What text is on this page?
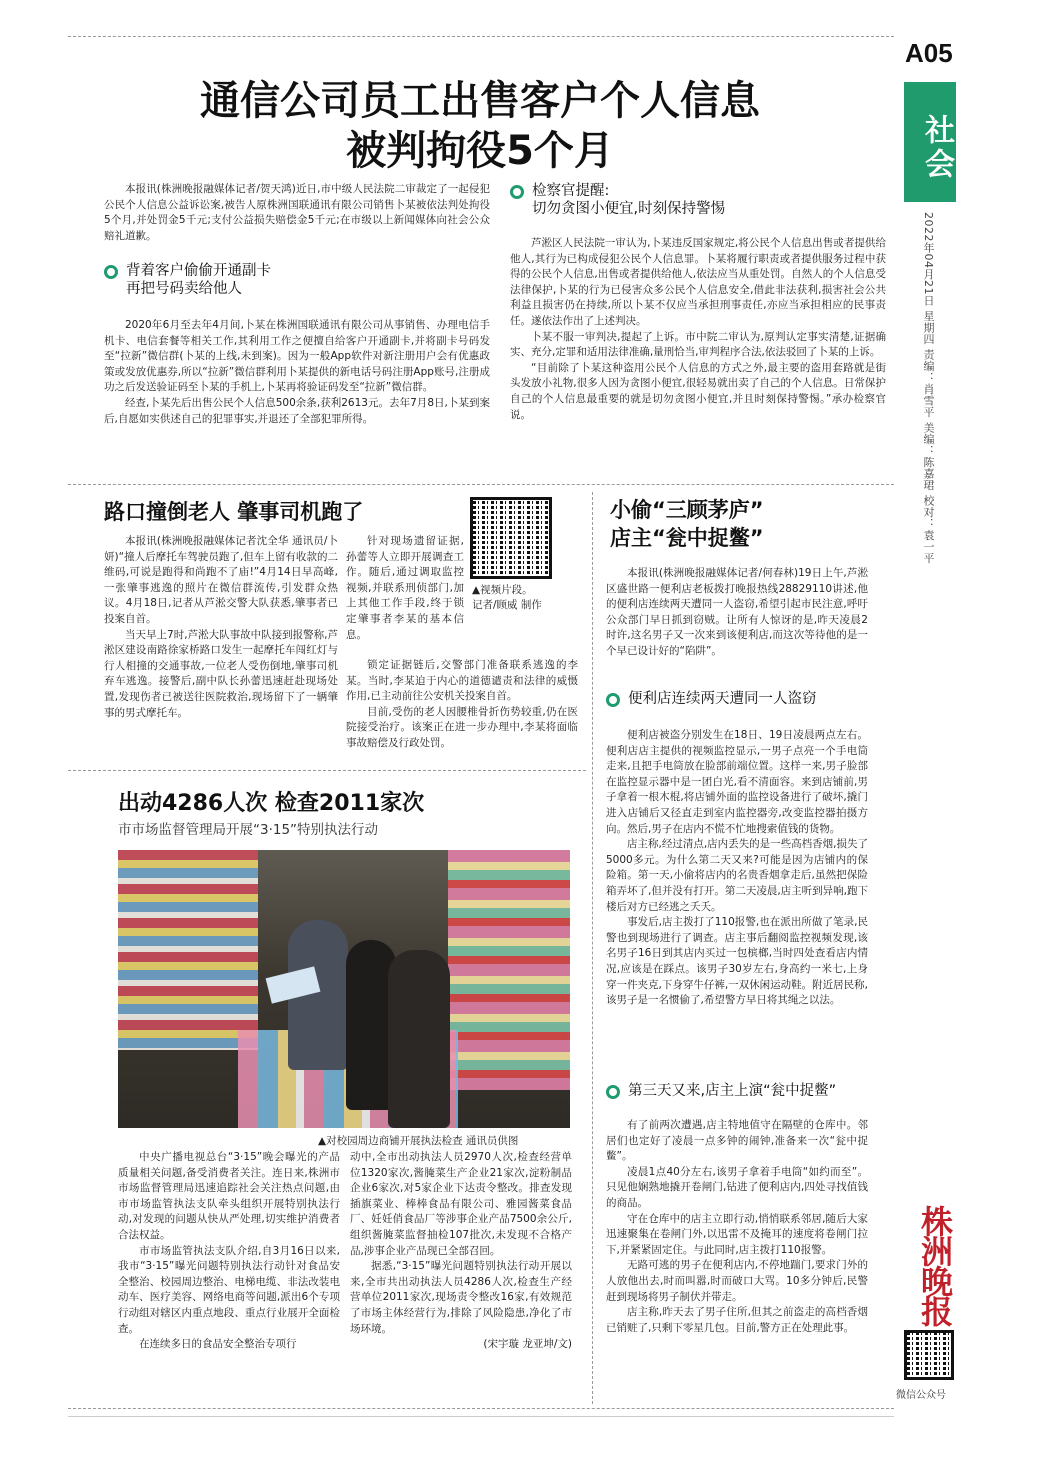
A05
社会
2022年04月21日 星期四 责编：肖雪平 美编：陈嘉珺 校对：袁一平
株洲晚报
微信公众号
通信公司员工出售客户个人信息
被判拘役5个月
本报讯(株洲晚报融媒体记者/贺天鸿)近日,市中级人民法院二审裁定了一起侵犯公民个人信息公益诉讼案,被告人原株洲国联通讯有限公司销售卜某被依法判处拘役5个月,并处罚金5千元;支付公益损失赔偿金5千元;在市级以上新闻媒体向社会公众赔礼道歉。
背着客户偷偷开通副卡
再把号码卖给他人

2020年6月至去年4月间,卜某在株洲国联通讯有限公司从事销售、办理电信手机卡、电信套餐等相关工作,其利用工作之便擅自给客户开通副卡,并将副卡号码发至“拉新”微信群(卜某的上线,未到案)。因为一般App软件对新注册用户会有优惠政策或发放优惠券,所以“拉新”微信群利用卜某提供的新电话号码注册App账号,注册成功之后发送验证码至卜某的手机上,卜某再将验证码发至“拉新”微信群。

经查,卜某先后出售公民个人信息500余条,获利2613元。去年7月8日,卜某到案后,自愿如实供述自己的犯罪事实,并退还了全部犯罪所得。

检察官提醒:
切勿贪图小便宜,时刻保持警惕

芦淞区人民法院一审认为,卜某违反国家规定,将公民个人信息出售或者提供给他人,其行为已构成侵犯公民个人信息罪。卜某将履行职责或者提供服务过程中获得的公民个人信息,出售或者提供给他人,依法应当从重处罚。自然人的个人信息受法律保护,卜某的行为已侵害众多公民个人信息安全,借此非法获利,损害社会公共利益且损害仍在持续,所以卜某不仅应当承担刑事责任,亦应当承担相应的民事责任。遂依法作出了上述判决。

卜某不服一审判决,提起了上诉。市中院二审认为,原判认定事实清楚,证据确实、充分,定罪和适用法律准确,量刑恰当,审判程序合法,依法驳回了卜某的上诉。

“目前除了卜某这种盗用公民个人信息的方式之外,最主要的盗用套路就是街头发放小礼物,很多人因为贪图小便宜,很轻易就出卖了自己的个人信息。日常保护自己的个人信息最重要的就是切勿贪图小便宜,并且时刻保持警惕。”承办检察官说。

路口撞倒老人 肇事司机跑了
▲视频片段。
记者/顾威 制作

本报讯(株洲晚报融媒体记者沈全华 通讯员/卜妍)“撞人后摩托车驾驶员跑了,但车上留有收款的二维码,可说是跑得和尚跑不了庙!”4月14日早高峰,一张肇事逃逸的照片在微信群流传,引发群众热议。4月18日,记者从芦淞交警大队获悉,肇事者已投案自首。

当天早上7时,芦淞大队事故中队接到报警称,芦淞区建设南路徐家桥路口发生一起摩托车闯红灯与行人相撞的交通事故,一位老人受伤倒地,肇事司机弃车逃逸。接警后,副中队长孙蕾迅速赶赴现场处置,发现伤者已被送往医院救治,现场留下了一辆肇事的男式摩托车。

针对现场遗留证据,孙蕾等人立即开展调查工作。随后,通过调取监控视频,并联系刑侦部门,加上其他工作手段,终于锁定肇事者李某的基本信息。

锁定证据链后,交警部门准备联系逃逸的李某。当时,李某迫于内心的道德谴责和法律的威慑作用,已主动前往公安机关投案自首。

目前,受伤的老人因腰椎骨折伤势较重,仍在医院接受治疗。该案正在进一步办理中,李某将面临事故赔偿及行政处罚。

出动4286人次 检查2011家次
市市场监督管理局开展“3·15”特别执法行动
▲对校园周边商铺开展执法检查 通讯员供图

中央广播电视总台“3·15”晚会曝光的产品质量相关问题,备受消费者关注。连日来,株洲市市场监督管理局迅速追踪社会关注热点问题,由市市场监管执法支队牵头组织开展特别执法行动,对发现的问题从快从严处理,切实维护消费者合法权益。

市市场监管执法支队介绍,自3月16日以来,我市“3·15”曝光问题特别执法行动针对食品安全整治、校园周边整治、电梯电缆、非法改装电动车、医疗美容、网络电商等问题,派出6个专项行动组对辖区内重点地段、重点行业展开全面检查。

在连续多日的食品安全整治专项行

动中,全市出动执法人员2970人次,检查经营单位1320家次,酱腌菜生产企业21家次,淀粉制品企业6家次,对5家企业下达责令整改。排查发现插旗菜业、棒棒食品有限公司、雅园酱菜食品厂、妊妊俏食品厂等涉事企业产品7500余公斤,组织酱腌菜监督抽检107批次,未发现不合格产品,涉事企业产品现已全部召回。

据悉,“3·15”曝光问题特别执法行动开展以来,全市共出动执法人员4286人次,检查生产经营单位2011家次,现场责令整改16家,有效规范了市场主体经营行为,排除了风险隐患,净化了市场环境。

(宋宇璇 龙亚坤/文)

小偷“三顾茅庐”
店主“瓮中捉鳖”
本报讯(株洲晚报融媒体记者/何春林)19日上午,芦淞区盛世路一便利店老板拨打晚报热线28829110讲述,他的便利店连续两天遭同一人盗窃,希望引起市民注意,呼吁公众部门早日抓到窃贼。让所有人惊讶的是,昨天凌晨2时许,这名男子又一次来到该便利店,而这次等待他的是一个早已设计好的“陷阱”。
便利店连续两天遭同一人盗窃

便利店被盗分别发生在18日、19日凌晨两点左右。便利店店主提供的视频监控显示,一男子点亮一个手电筒走来,且把手电筒放在脸部前端位置。这样一来,男子脸部在监控显示器中是一团白光,看不清面容。来到店铺前,男子拿着一根木棍,将店铺外面的监控设备进行了破坏,撬门进入店铺后又径直走到室内监控器旁,改变监控器拍摄方向。然后,男子在店内不慌不忙地搜索值钱的货物。

店主称,经过清点,店内丢失的是一些高档香烟,损失了5000多元。为什么第二天又来?可能是因为店铺内的保险箱。第一天,小偷将店内的名贵香烟拿走后,虽然把保险箱弄坏了,但并没有打开。第二天凌晨,店主听到异响,跑下楼后对方已经逃之夭夭。

事发后,店主拨打了110报警,也在派出所做了笔录,民警也到现场进行了调查。店主事后翻阅监控视频发现,该名男子16日到其店内买过一包槟榔,当时四处查看店内情况,应该是在踩点。该男子30岁左右,身高约一米七,上身穿一件夹克,下身穿牛仔裤,一双休闲运动鞋。附近居民称,该男子是一名惯偷了,希望警方早日将其绳之以法。

第三天又来,店主上演“瓮中捉鳖”

有了前两次遭遇,店主特地值守在隔壁的仓库中。邻居们也定好了凌晨一点多钟的闹钟,准备来一次“瓮中捉鳖”。

凌晨1点40分左右,该男子拿着手电筒“如约而至”。只见他娴熟地撬开卷闸门,钻进了便利店内,四处寻找值钱的商品。

守在仓库中的店主立即行动,悄悄联系邻居,随后大家迅速聚集在卷闸门外,以迅雷不及掩耳的速度将卷闸门拉下,并紧紧固定住。与此同时,店主拨打110报警。

无路可逃的男子在便利店内,不停地踹门,要求门外的人放他出去,时而叫嚣,时而破口大骂。10多分钟后,民警赶到现场将男子制伏并带走。

店主称,昨天去了男子住所,但其之前盗走的高档香烟已销赃了,只剩下零星几包。目前,警方正在处理此事。
